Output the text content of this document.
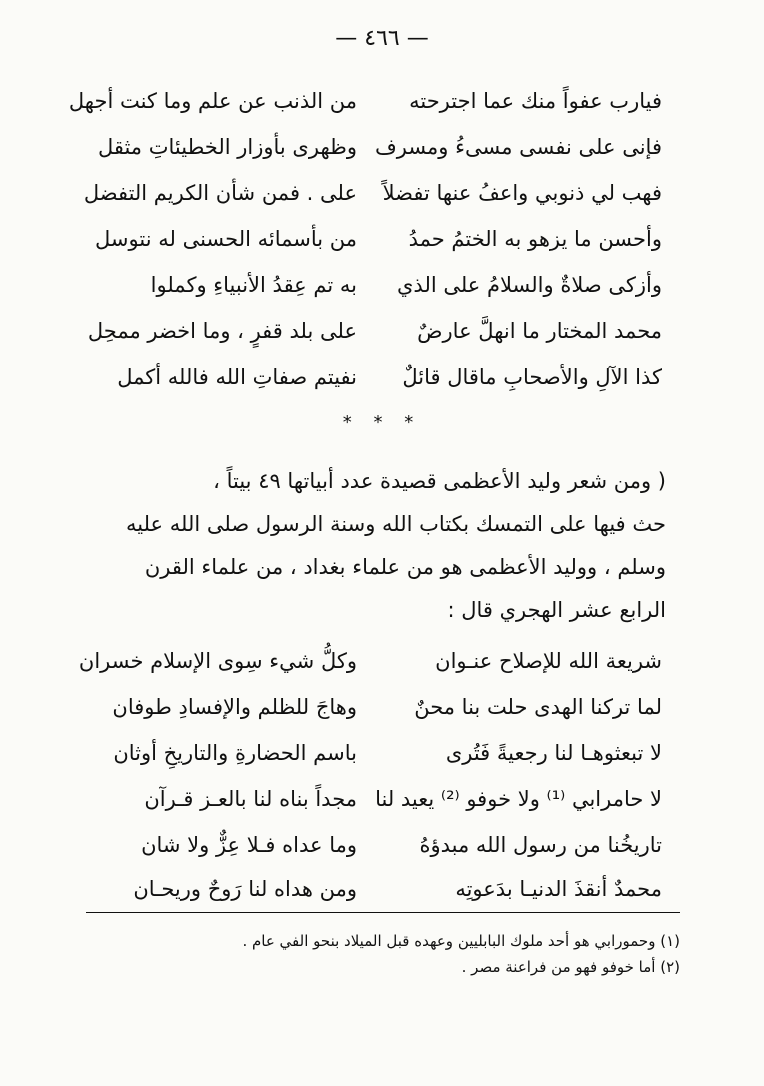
— ٤٦٦ —
فيارب عفواً منك عما اجترحته
من الذنب عن علم وما كنت أجهل
فإنى على نفسى مسىءُ ومسرف
وظهرى بأوزار الخطيئاتِ مثقل
فهب لي ذنوبي واعفُ عنها تفضلاً
على . فمن شأن الكريم التفضل
وأحسن ما يزهو به الختمُ حمدُ
من بأسمائه الحسنى له نتوسل
وأزكى صلاةٌ والسلامُ على الذي
به تم عِقدُ الأنبياءِ وكملوا
محمد المختار ما انهلَّ عارضٌ
على بلد قفرٍ ، وما اخضر ممحِل
كذا الآلِ والأصحابِ ماقال قائلٌ
نفيتم صفاتِ الله فالله أكمل
* * *
( ومن شعر وليد الأعظمى قصيدة عدد أبياتها ٤٩ بيتاً ،
حث فيها على التمسك بكتاب الله وسنة الرسول صلى الله عليه
وسلم ، ووليد الأعظمى هو من علماء بغداد ، من علماء القرن
الرابع عشر الهجري قال :
شريعة الله للإصلاح عنـوان
وكلُّ شيء سِوى الإسلام خسران
لما تركنا الهدى حلت بنا محنٌ
وهاجَ للظلم والإفسادِ طوفان
لا تبعثوهـا لنا رجعيةً فَتُرى
باسم الحضارةِ والتاريخِ أوثان
لا حامرابي ⁽¹⁾ ولا خوفو ⁽²⁾ يعيد لنا
مجداً بناه لنا بالعـز قـرآن
تاريخُنا من رسول الله مبدؤهُ
وما عداه فـلا عِزٌّ ولا شان
محمدٌ أنقذَ الدنيـا بدَعوتِه
ومن هداه لنا رَوحٌ وريحـان
(١) وحمورابي هو أحد ملوك البابليين وعهده قبل الميلاد بنحو الفي عام .
(٢) أما خوفو فهو من فراعنة مصر .
